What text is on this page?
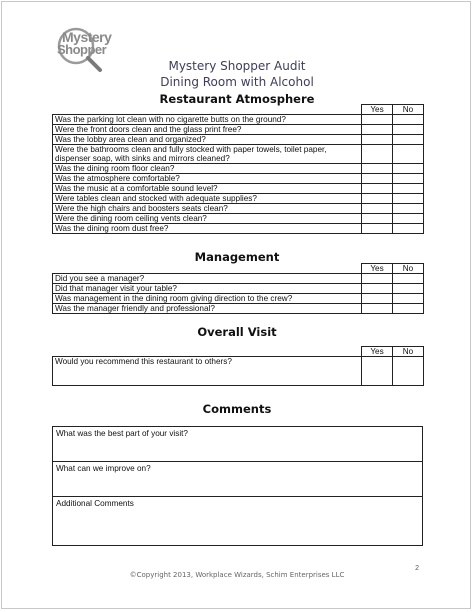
Mystery
Shopper
Mystery Shopper Audit
Dining Room with Alcohol
Restaurant Atmosphere
	Yes	No
Was the parking lot clean with no cigarette butts on the ground?		
Were the front doors clean and the glass print free?		
Was the lobby area clean and organized?		
Were the bathrooms clean and fully stocked with paper towels, toilet paper, dispenser soap, with sinks and mirrors cleaned?		
Was the dining room floor clean?		
Was the atmosphere comfortable?		
Was the music at a comfortable sound level?		
Were tables clean and stocked with adequate supplies?		
Were the high chairs and boosters seats clean?		
Were the dining room ceiling vents clean?		
Was the dining room dust free?		
Management
	Yes	No
Did you see a manager?		
Did that manager visit your table?		
Was management in the dining room giving direction to the crew?		
Was the manager friendly and professional?		
Overall Visit
	Yes	No
Would you recommend this restaurant to others?		
Comments
What was the best part of your visit?
What can we improve on?
Additional Comments
2
©Copyright 2013, Workplace Wizards, Schim Enterprises LLC
